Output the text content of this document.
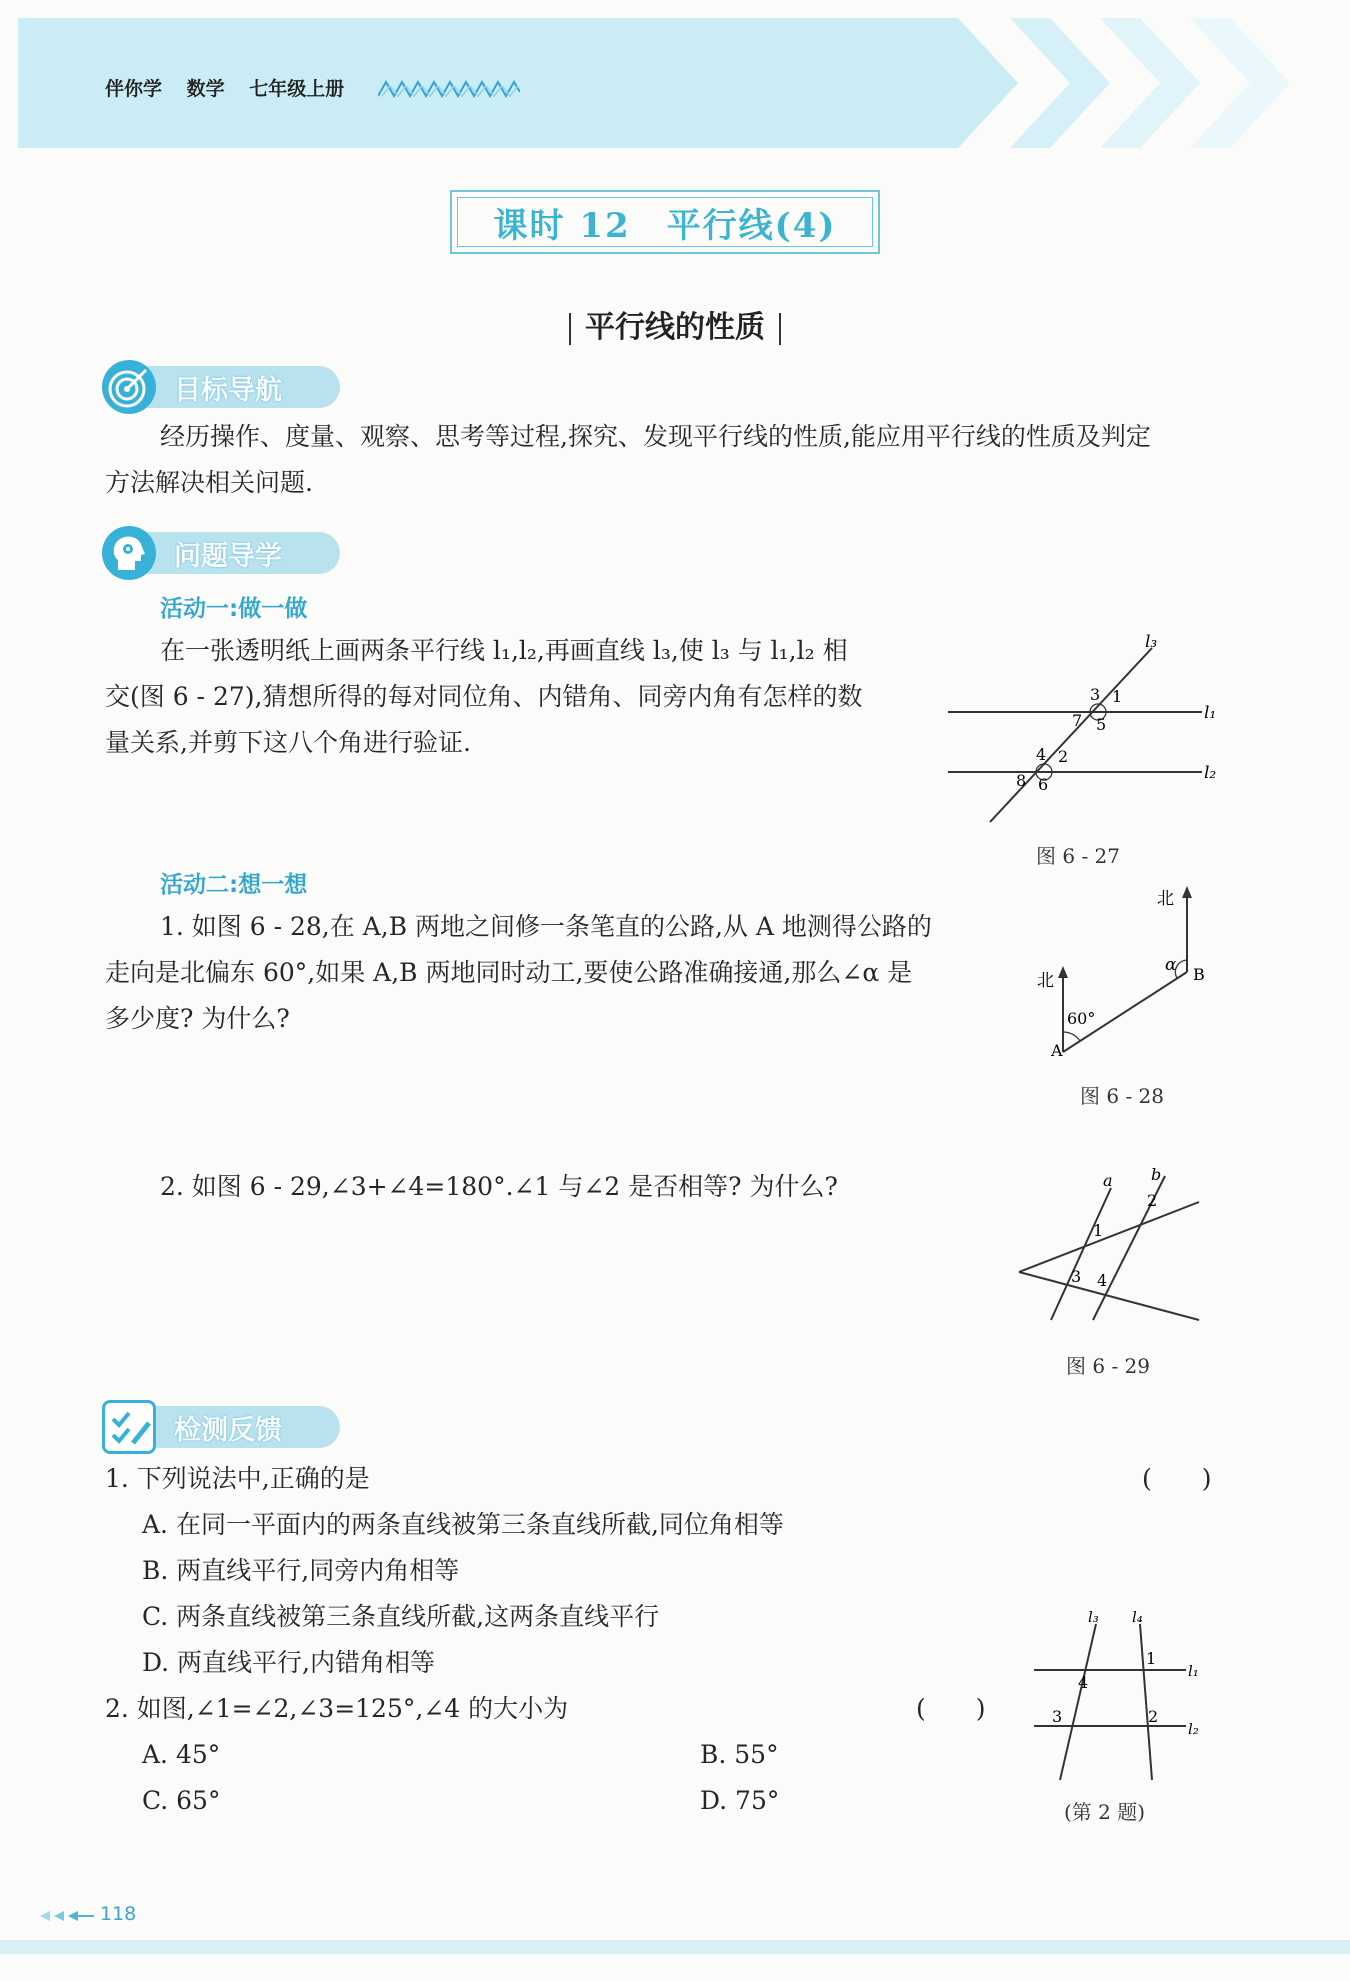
伴你学 数学 七年级上册
课时 12　平行线(4)
平行线的性质
目标导航
经历操作、度量、观察、思考等过程,探究、发现平行线的性质,能应用平行线的性质及判定
方法解决相关问题.
问题导学
活动一:做一做
在一张透明纸上画两条平行线 l₁,l₂,再画直线 l₃,使 l₃ 与 l₁,l₂ 相
交(图 6 - 27),猜想所得的每对同位角、内错角、同旁内角有怎样的数
量关系,并剪下这八个角进行验证.
l₃
l₁
l₂
3 1
7 5
4 2
8 6
图 6 - 27
活动二:想一想
1. 如图 6 - 28,在 A,B 两地之间修一条笔直的公路,从 A 地测得公路的
走向是北偏东 60°,如果 A,B 两地同时动工,要使公路准确接通,那么∠α 是
多少度? 为什么?
北
北
α B
A
60°
图 6 - 28
2. 如图 6 - 29,∠3+∠4=180°.∠1 与∠2 是否相等? 为什么?	a b
1
2
3 4
图 6 - 29
检测反馈
1. 下列说法中,正确的是	(　　)
A. 在同一平面内的两条直线被第三条直线所截,同位角相等
B. 两直线平行,同旁内角相等
C. 两条直线被第三条直线所截,这两条直线平行
D. 两直线平行,内错角相等
2. 如图,∠1=∠2,∠3=125°,∠4 的大小为	(　　)
A. 45°	B. 55°
C. 65°	D. 75°
l₃ l₄
l₁
l₂
1
4
2
3
(第 2 题)
118
